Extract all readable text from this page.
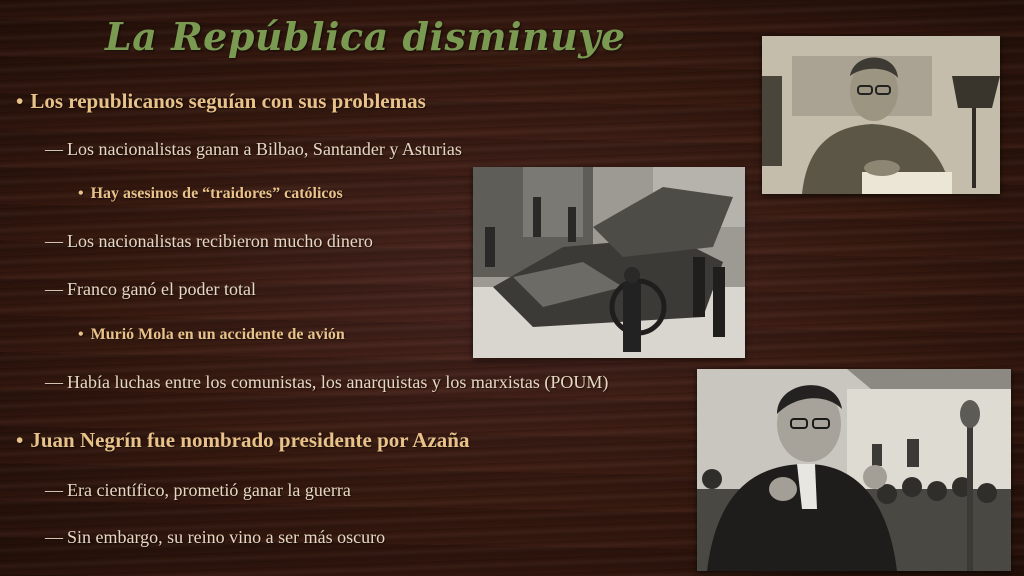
La República disminuye
• Los republicanos seguían con sus problemas
— Los nacionalistas ganan a Bilbao, Santander y Asturias
• Hay asesinos de “traidores” católicos
— Los nacionalistas recibieron mucho dinero
— Franco ganó el poder total
• Murió Mola en un accidente de avión
— Había luchas entre los comunistas, los anarquistas y los marxistas (POUM)
• Juan Negrín fue nombrado presidente por Azaña
— Era científico, prometió ganar la guerra
— Sin embargo, su reino vino a ser más oscuro
